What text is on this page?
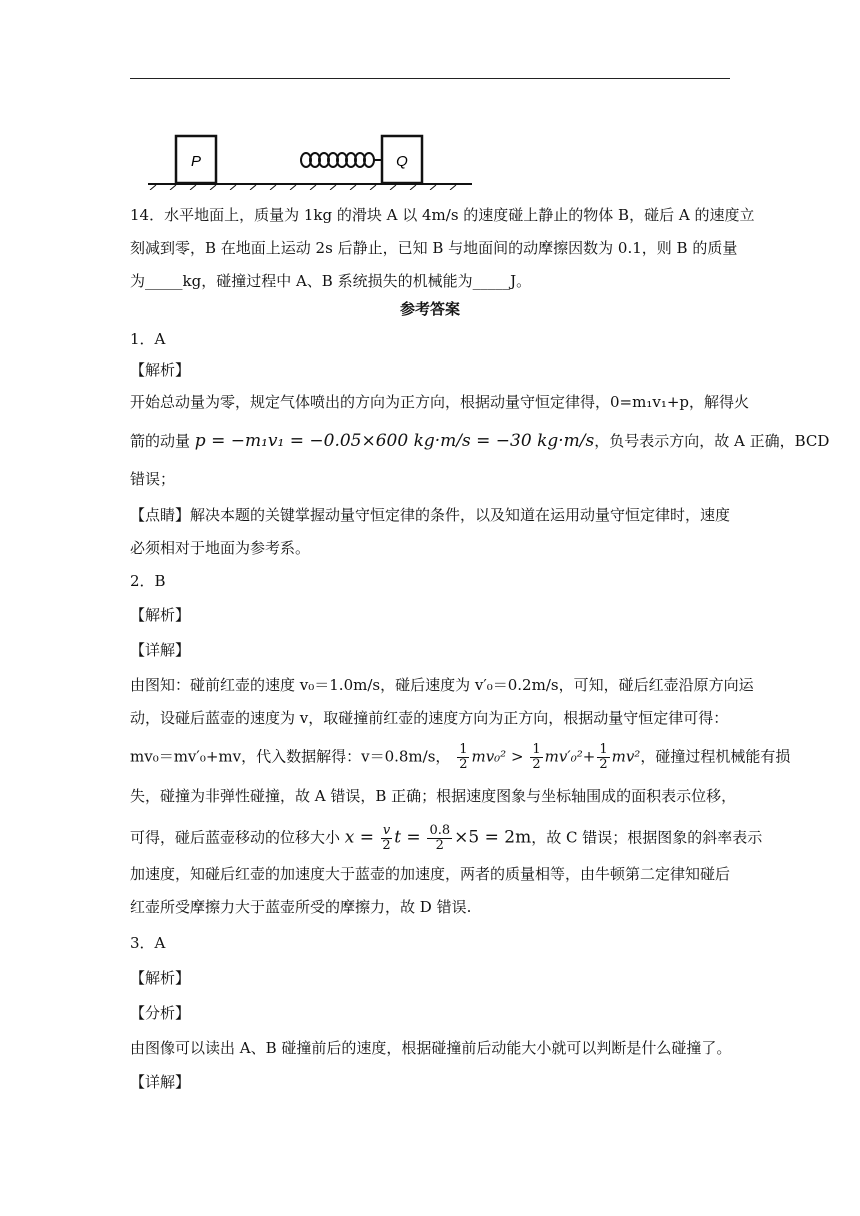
P	Q
14．水平地面上，质量为 1kg 的滑块 A 以 4m/s 的速度碰上静止的物体 B，碰后 A 的速度立
刻减到零，B 在地面上运动 2s 后静止，已知 B 与地面间的动摩擦因数为 0.1，则 B 的质量
为_____kg，碰撞过程中 A、B 系统损失的机械能为_____J。
参考答案
1．A
【解析】
开始总动量为零，规定气体喷出的方向为正方向，根据动量守恒定律得，0=m₁v₁+p，解得火
箭的动量 p = −m₁v₁ = −0.05×600 kg·m/s = −30 kg·m/s，负号表示方向，故 A 正确，BCD
错误；
【点睛】解决本题的关键掌握动量守恒定律的条件，以及知道在运用动量守恒定律时，速度
必须相对于地面为参考系。
2．B
【解析】
【详解】
由图知：碰前红壶的速度 v₀＝1.0m/s，碰后速度为 v′₀＝0.2m/s，可知，碰后红壶沿原方向运
动，设碰后蓝壶的速度为 v，取碰撞前红壶的速度方向为正方向，根据动量守恒定律可得：
mv₀＝mv′₀+mv，代入数据解得：v＝0.8m/s， $\frac{1}{2} mv_0^2 > \frac{1}{2} mv'_0^2+ \frac{1}{2} mv^2$，碰撞过程机械能有损
失，碰撞为非弹性碰撞，故 A 错误，B 正确；根据速度图象与坐标轴围成的面积表示位移，
可得，碰后蓝壶移动的位移大小 $x = \frac{v}{2}$ $t = \frac{0.8}{2} \times 5 = 2m$，故 C 错误；根据图象的斜率表示
加速度，知碰后红壶的加速度大于蓝壶的加速度，两者的质量相等，由牛顿第二定律知碰后
红壶所受摩擦力大于蓝壶所受的摩擦力，故 D 错误.
3．A
【解析】
【分析】
由图像可以读出 A、B 碰撞前后的速度，根据碰撞前后动能大小就可以判断是什么碰撞了。
【详解】
